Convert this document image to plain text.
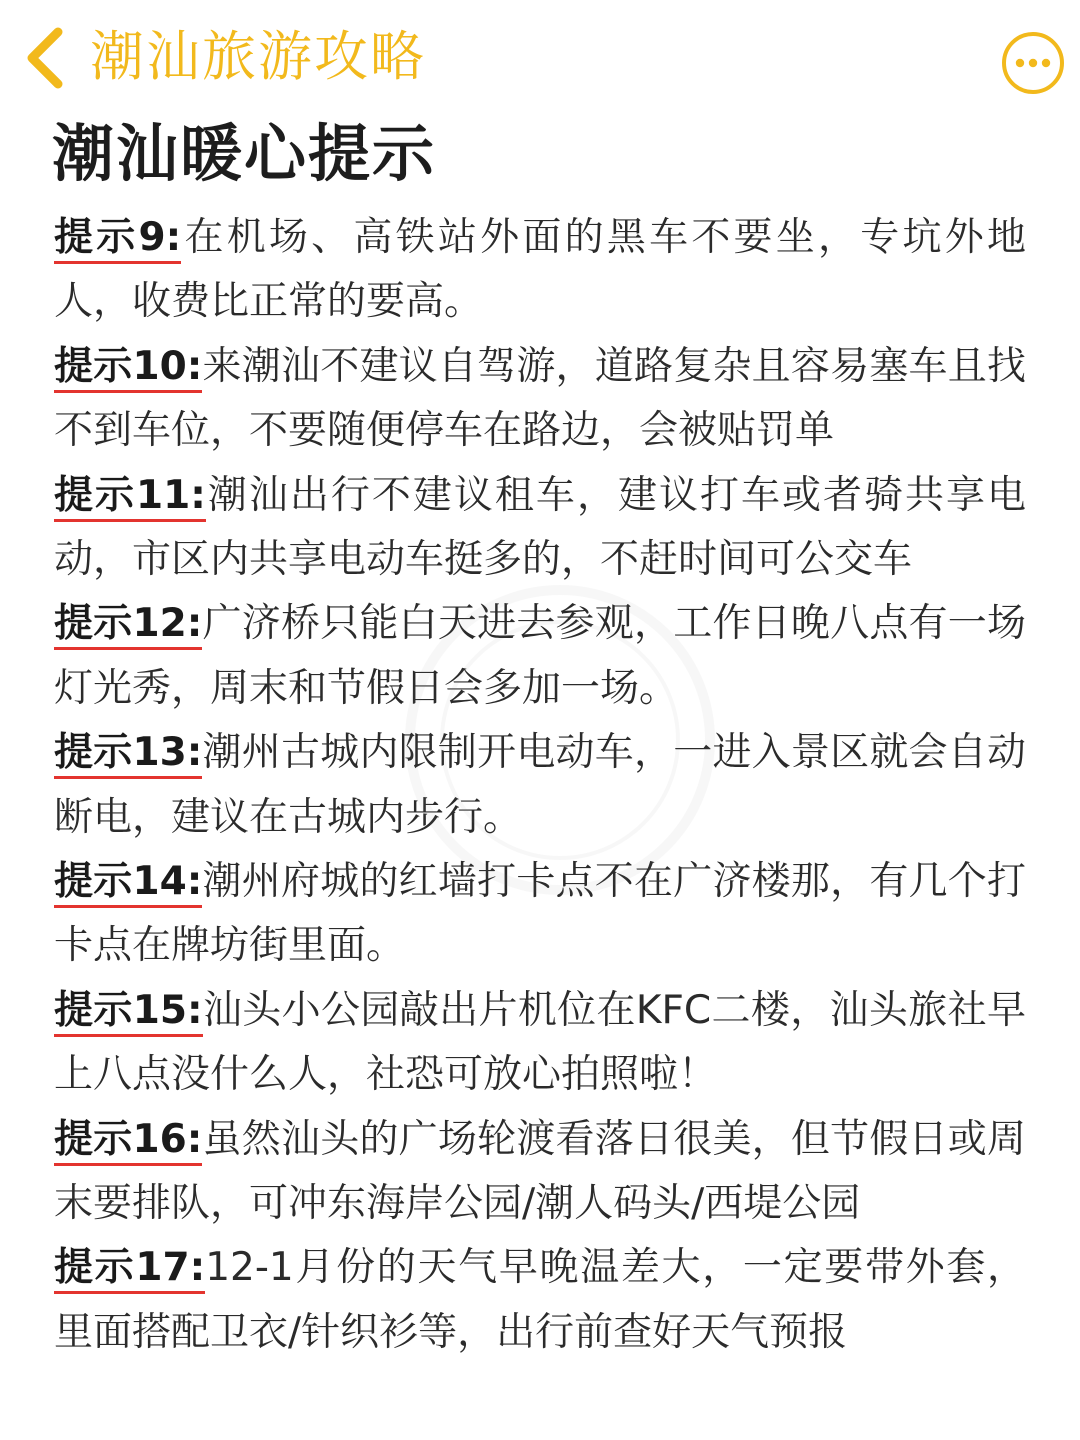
潮汕旅游攻略
潮汕暖心提示

提示9:在机场、高铁站外面的黑车不要坐，专坑外地人，收费比正常的要高。

提示10:来潮汕不建议自驾游，道路复杂且容易塞车且找不到车位，不要随便停车在路边，会被贴罚单

提示11:潮汕出行不建议租车，建议打车或者骑共享电动，市区内共享电动车挺多的，不赶时间可公交车

提示12:广济桥只能白天进去参观，工作日晚八点有一场灯光秀，周末和节假日会多加一场。

提示13:潮州古城内限制开电动车，一进入景区就会自动断电，建议在古城内步行。

提示14:潮州府城的红墙打卡点不在广济楼那，有几个打卡点在牌坊街里面。

提示15:汕头小公园敲出片机位在KFC二楼，汕头旅社早上八点没什么人，社恐可放心拍照啦！

提示16:虽然汕头的广场轮渡看落日很美，但节假日或周末要排队，可冲东海岸公园/潮人码头/西堤公园

提示17:12-1月份的天气早晚温差大，一定要带外套，里面搭配卫衣/针织衫等，出行前查好天气预报
